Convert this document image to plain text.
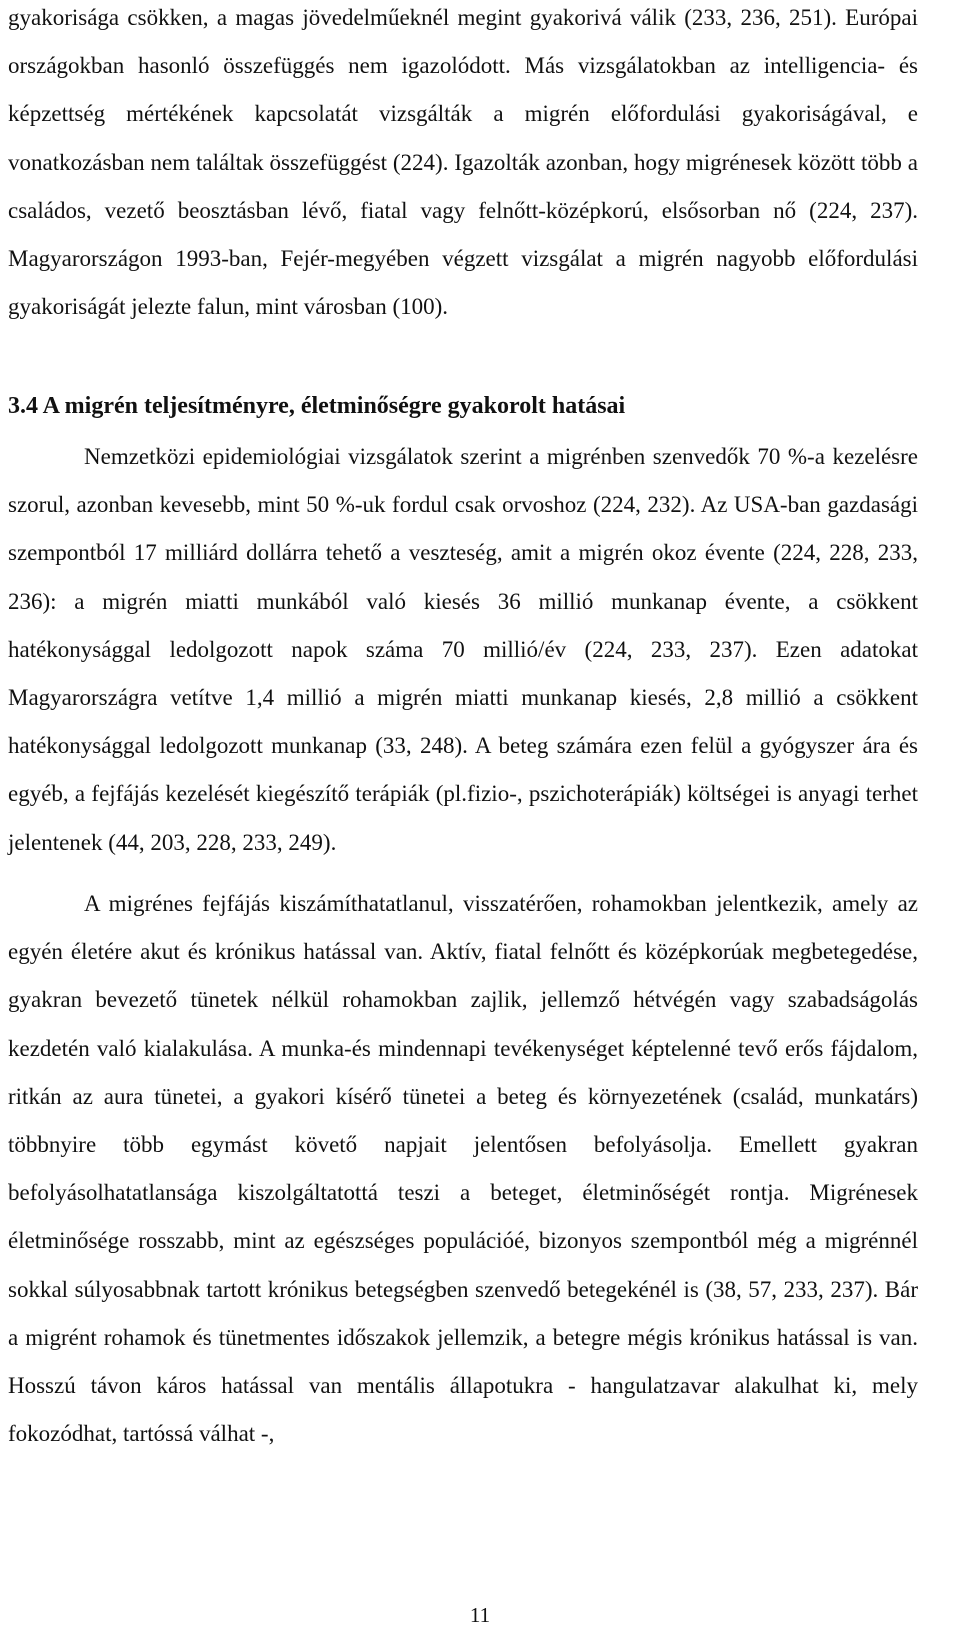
gyakorisága csökken, a magas jövedelműeknél megint gyakorivá válik (233, 236, 251). Európai országokban hasonló összefüggés nem igazolódott. Más vizsgálatokban az intelligencia- és képzettség mértékének kapcsolatát vizsgálták a migrén előfordulási gyakoriságával, e vonatkozásban nem találtak összefüggést (224). Igazolták azonban, hogy migrénesek között több a családos, vezető beosztásban lévő, fiatal vagy felnőtt-középkorú, elsősorban nő (224, 237). Magyarországon 1993-ban, Fejér-megyében végzett vizsgálat a migrén nagyobb előfordulási gyakoriságát jelezte falun, mint városban (100).

3.4 A migrén teljesítményre, életminőségre gyakorolt hatásai

Nemzetközi epidemiológiai vizsgálatok szerint a migrénben szenvedők 70 %-a kezelésre szorul, azonban kevesebb, mint 50 %-uk fordul csak orvoshoz (224, 232). Az USA-ban gazdasági szempontból 17 milliárd dollárra tehető a veszteség, amit a migrén okoz évente (224, 228, 233, 236): a migrén miatti munkából való kiesés 36 millió munkanap évente, a csökkent hatékonysággal ledolgozott napok száma 70 millió/év (224, 233, 237). Ezen adatokat Magyarországra vetítve 1,4 millió a migrén miatti munkanap kiesés, 2,8 millió a csökkent hatékonysággal ledolgozott munkanap (33, 248). A beteg számára ezen felül a gyógyszer ára és egyéb, a fejfájás kezelését kiegészítő terápiák (pl.fizio-, pszichoterápiák) költségei is anyagi terhet jelentenek (44, 203, 228, 233, 249).

A migrénes fejfájás kiszámíthatatlanul, visszatérően, rohamokban jelentkezik, amely az egyén életére akut és krónikus hatással van. Aktív, fiatal felnőtt és középkorúak megbetegedése, gyakran bevezető tünetek nélkül rohamokban zajlik, jellemző hétvégén vagy szabadságolás kezdetén való kialakulása. A munka-és mindennapi tevékenységet képtelenné tevő erős fájdalom, ritkán az aura tünetei, a gyakori kísérő tünetei a beteg és környezetének (család, munkatárs) többnyire több egymást követő napjait jelentősen befolyásolja. Emellett gyakran befolyásolhatatlansága kiszolgáltatottá teszi a beteget, életminőségét rontja. Migrénesek életminősége rosszabb, mint az egészséges populációé, bizonyos szempontból még a migrénnél sokkal súlyosabbnak tartott krónikus betegségben szenvedő betegekénél is (38, 57, 233, 237). Bár a migrént rohamok és tünetmentes időszakok jellemzik, a betegre mégis krónikus hatással is van. Hosszú távon káros hatással van mentális állapotukra - hangulatzavar alakulhat ki, mely fokozódhat, tartóssá válhat -,

11
